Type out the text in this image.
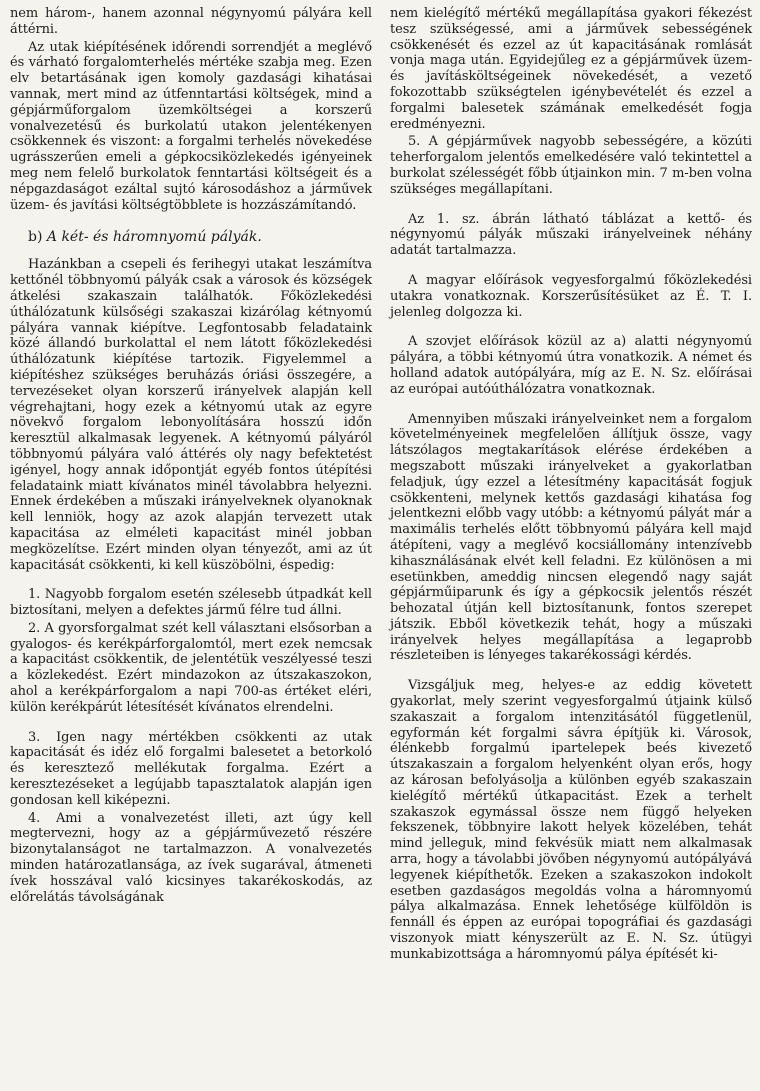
nem három-, hanem azonnal négynyomú pályára kell áttérni.

Az utak kiépítésének időrendi sorrendjét a meglévő és várható forgalomterhelés mértéke szabja meg. Ezen elv betartásának igen komoly gazdasági kihatásai vannak, mert mind az útfenntartási költségek, mind a gépjárműforgalom üzemköltségei a korszerű vonalvezetésű és burkolatú utakon jelentékenyen csökkennek és viszont: a forgalmi terhelés növekedése ugrásszerűen emeli a gépkocsiközlekedés igényeinek meg nem felelő burkolatok fenntartási költségeit és a népgazdaságot ezáltal sujtó károsodáshoz a járművek üzem- és javítási költségtöbblete is hozzászámítandó.

b) A két- és háromnyomú pályák.

Hazánkban a csepeli és ferihegyi utakat leszámítva kettőnél többnyomú pályák csak a városok és községek átkelési szakaszain találhatók. Főközlekedési úthálózatunk külsőségi szakaszai kizárólag kétnyomú pályára vannak kiépítve. Legfontosabb feladataink közé állandó burkolattal el nem látott főközlekedési úthálózatunk kiépítése tartozik. Figyelemmel a kiépítéshez szükséges beruházás óriási összegére, a tervezéseket olyan korszerű irányelvek alapján kell végrehajtani, hogy ezek a kétnyomú utak az egyre növekvő forgalom lebonyolítására hosszú időn keresztül alkalmasak legyenek. A kétnyomú pályáról többnyomú pályára való áttérés oly nagy befektetést igényel, hogy annak időpontját egyéb fontos útépítési feladataink miatt kívánatos minél távolabbra helyezni. Ennek érdekében a műszaki irányelveknek olyanoknak kell lenniök, hogy az azok alapján tervezett utak kapacitása az elméleti kapacitást minél jobban megközelítse. Ezért minden olyan tényezőt, ami az út kapacitását csökkenti, ki kell küszöbölni, éspedig:

1. Nagyobb forgalom esetén szélesebb útpadkát kell biztosítani, melyen a defektes jármű félre tud állni.

2. A gyorsforgalmat szét kell választani elsősorban a gyalogos- és kerékpárforgalomtól, mert ezek nemcsak a kapacitást csökkentik, de jelentétük veszélyessé teszi a közlekedést. Ezért mindazokon az útszakaszokon, ahol a kerékpárforgalom a napi 700-as értéket eléri, külön kerékpárút létesítését kívánatos elrendelni.

3. Igen nagy mértékben csökkenti az utak kapacitását és idéz elő forgalmi balesetet a betorkoló és keresztező mellékutak forgalma. Ezért a keresztezéseket a legújabb tapasztalatok alapján igen gondosan kell kiképezni.

4. Ami a vonalvezetést illeti, azt úgy kell megtervezni, hogy az a gépjárművezető részére bizonytalanságot ne tartalmazzon. A vonalvezetés minden határozatlansága, az ívek sugarával, átmeneti ívek hosszával való kicsinyes takarékoskodás, az előrelátás távolságának

nem kielégítő mértékű megállapítása gyakori fékezést tesz szükségessé, ami a járművek sebességének csökkenését és ezzel az út kapacitásának romlását vonja maga után. Egyidejűleg ez a gépjárművek üzem- és javításköltségeinek növekedését, a vezető fokozottabb szükségtelen igénybevételét és ezzel a forgalmi balesetek számának emelkedését fogja eredményezni.

5. A gépjárművek nagyobb sebességére, a közúti teherforgalom jelentős emelkedésére való tekintettel a burkolat szélességét főbb útjainkon min. 7 m-ben volna szükséges megállapítani.

Az 1. sz. ábrán látható táblázat a kettő- és négynyomú pályák műszaki irányelveinek néhány adatát tartalmazza.

A magyar előírások vegyesforgalmú főközlekedési utakra vonatkoznak. Korszerűsítésüket az É. T. I. jelenleg dolgozza ki.

A szovjet előírások közül az a) alatti négynyomú pályára, a többi kétnyomú útra vonatkozik. A német és holland adatok autópályára, míg az E. N. Sz. előírásai az európai autóúthálózatra vonatkoznak.

Amennyiben műszaki irányelveinket nem a forgalom követelményeinek megfelelően állítjuk össze, vagy látszólagos megtakarítások elérése érdekében a megszabott műszaki irányelveket a gyakorlatban feladjuk, úgy ezzel a létesítmény kapacitását fogjuk csökkenteni, melynek kettős gazdasági kihatása fog jelentkezni előbb vagy utóbb: a kétnyomú pályát már a maximális terhelés előtt többnyomú pályára kell majd átépíteni, vagy a meglévő kocsiállomány intenzívebb kihasználásának elvét kell feladni. Ez különösen a mi esetünkben, ameddig nincsen elegendő nagy saját gépjárműiparunk és így a gépkocsik jelentős részét behozatal útján kell biztosítanunk, fontos szerepet játszik. Ebből következik tehát, hogy a műszaki irányelvek helyes megállapítása a legaprobb részleteiben is lényeges takarékossági kérdés.

Vizsgáljuk meg, helyes-e az eddig követett gyakorlat, mely szerint vegyesforgalmú útjaink külső szakaszait a forgalom intenzitásától függetlenül, egyformán két forgalmi sávra építjük ki. Városok, élénkebb forgalmú ipartelepek beés kivezető útszakaszain a forgalom helyenként olyan erős, hogy az károsan befolyásolja a különben egyéb szakaszain kielégítő mértékű útkapacitást. Ezek a terhelt szakaszok egymással össze nem függő helyeken fekszenek, többnyire lakott helyek közelében, tehát mind jelleguk, mind fekvésük miatt nem alkalmasak arra, hogy a távolabbi jövőben négynyomú autópályává legyenek kiépíthetők. Ezeken a szakaszokon indokolt esetben gazdaságos megoldás volna a háromnyomú pálya alkalmazása. Ennek lehetősége külföldön is fennáll és éppen az európai topográfiai és gazdasági viszonyok miatt kényszerült az E. N. Sz. útügyi munkabizottsága a háromnyomú pálya építését ki-
